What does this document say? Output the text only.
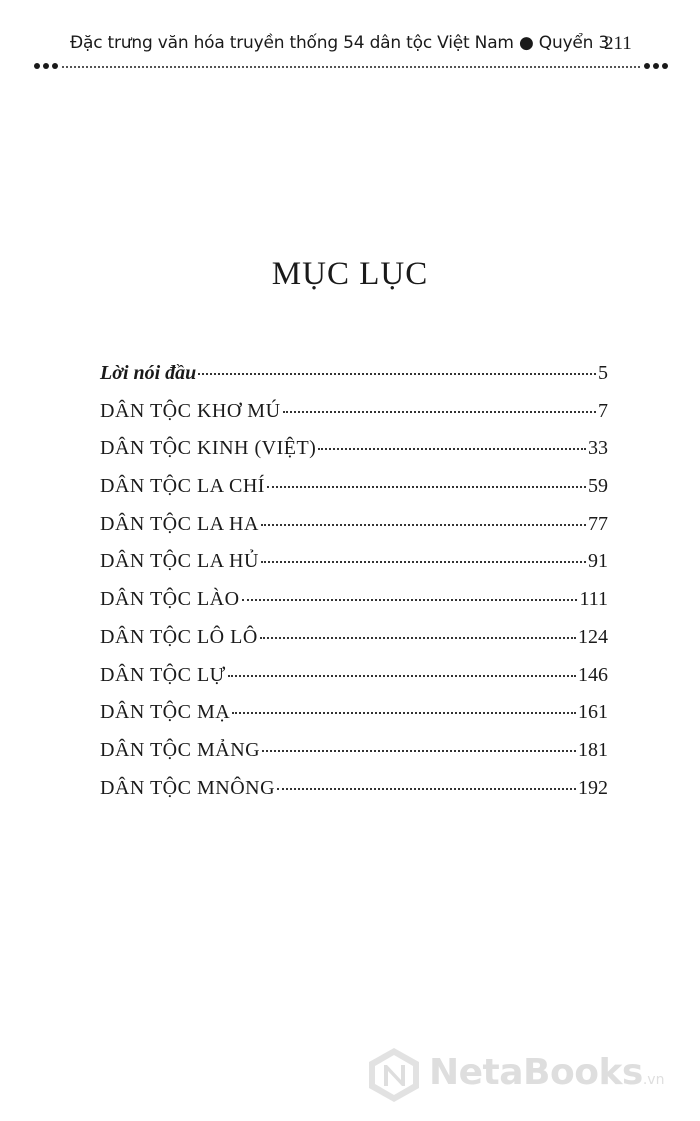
Đặc trưng văn hóa truyền thống 54 dân tộc Việt Nam ● Quyển 3
211
MỤC LỤC
Lời nói đầu	5
DÂN TỘC KHƠ MÚ	7
DÂN TỘC KINH (VIỆT)	33
DÂN TỘC LA CHÍ	59
DÂN TỘC LA HA	77
DÂN TỘC LA HỦ	91
DÂN TỘC LÀO	111
DÂN TỘC LÔ LÔ	124
DÂN TỘC LỰ	146
DÂN TỘC MẠ	161
DÂN TỘC MẢNG	181
DÂN TỘC MNÔNG	192
NetaBooks.vn
